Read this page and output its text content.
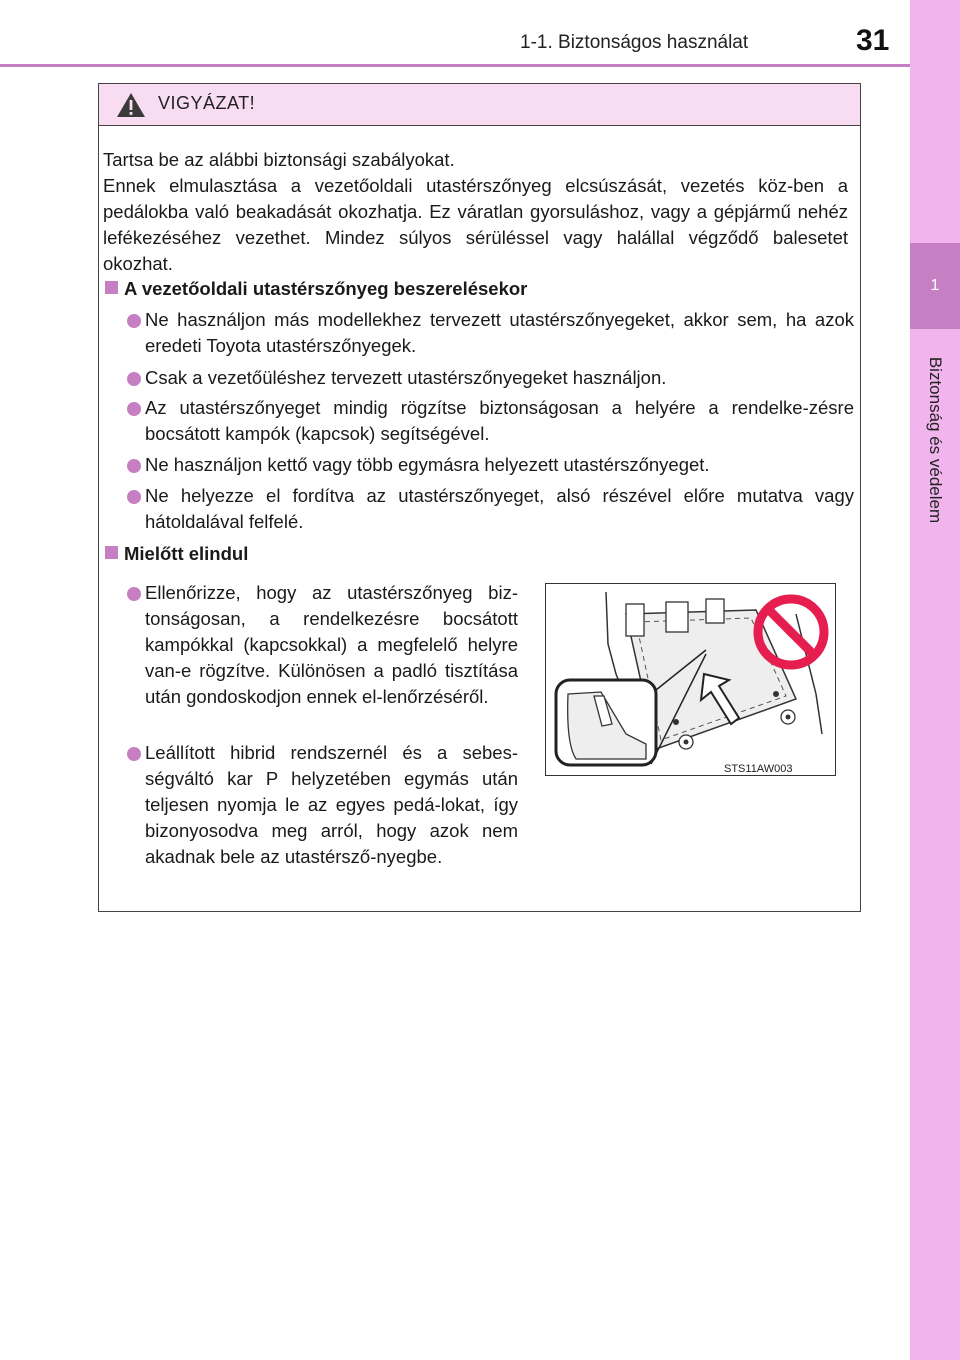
1-1. Biztonságos használat	31
1
Biztonság és védelem
VIGYÁZAT!
Tartsa be az alábbi biztonsági szabályokat.
Ennek elmulasztása a vezetőoldali utastérszőnyeg elcsúszását, vezetés köz-ben a pedálokba való beakadását okozhatja. Ez váratlan gyorsuláshoz, vagy a gépjármű nehéz lefékezéséhez vezethet. Mindez súlyos sérüléssel vagy halállal végződő balesetet okozhat.
A vezetőoldali utastérszőnyeg beszerelésekor
Ne használjon más modellekhez tervezett utastérszőnyegeket, akkor sem, ha azok eredeti Toyota utastérszőnyegek.
Csak a vezetőüléshez tervezett utastérszőnyegeket használjon.
Az utastérszőnyeget mindig rögzítse biztonságosan a helyére a rendelke-zésre bocsátott kampók (kapcsok) segítségével.
Ne használjon kettő vagy több egymásra helyezett utastérszőnyeget.
Ne helyezze el fordítva az utastérszőnyeget, alsó részével előre mutatva vagy hátoldalával felfelé.
Mielőtt elindul
Ellenőrizze, hogy az utastérszőnyeg biz-tonságosan, a rendelkezésre bocsátott kampókkal (kapcsokkal) a megfelelő helyre van-e rögzítve. Különösen a padló tisztítása után gondoskodjon ennek el-lenőrzéséről.
Leállított hibrid rendszernél és a sebes-ségváltó kar P helyzetében egymás után teljesen nyomja le az egyes pedá-lokat, így bizonyosodva meg arról, hogy azok nem akadnak bele az utastérsző-nyegbe.
STS11AW003
